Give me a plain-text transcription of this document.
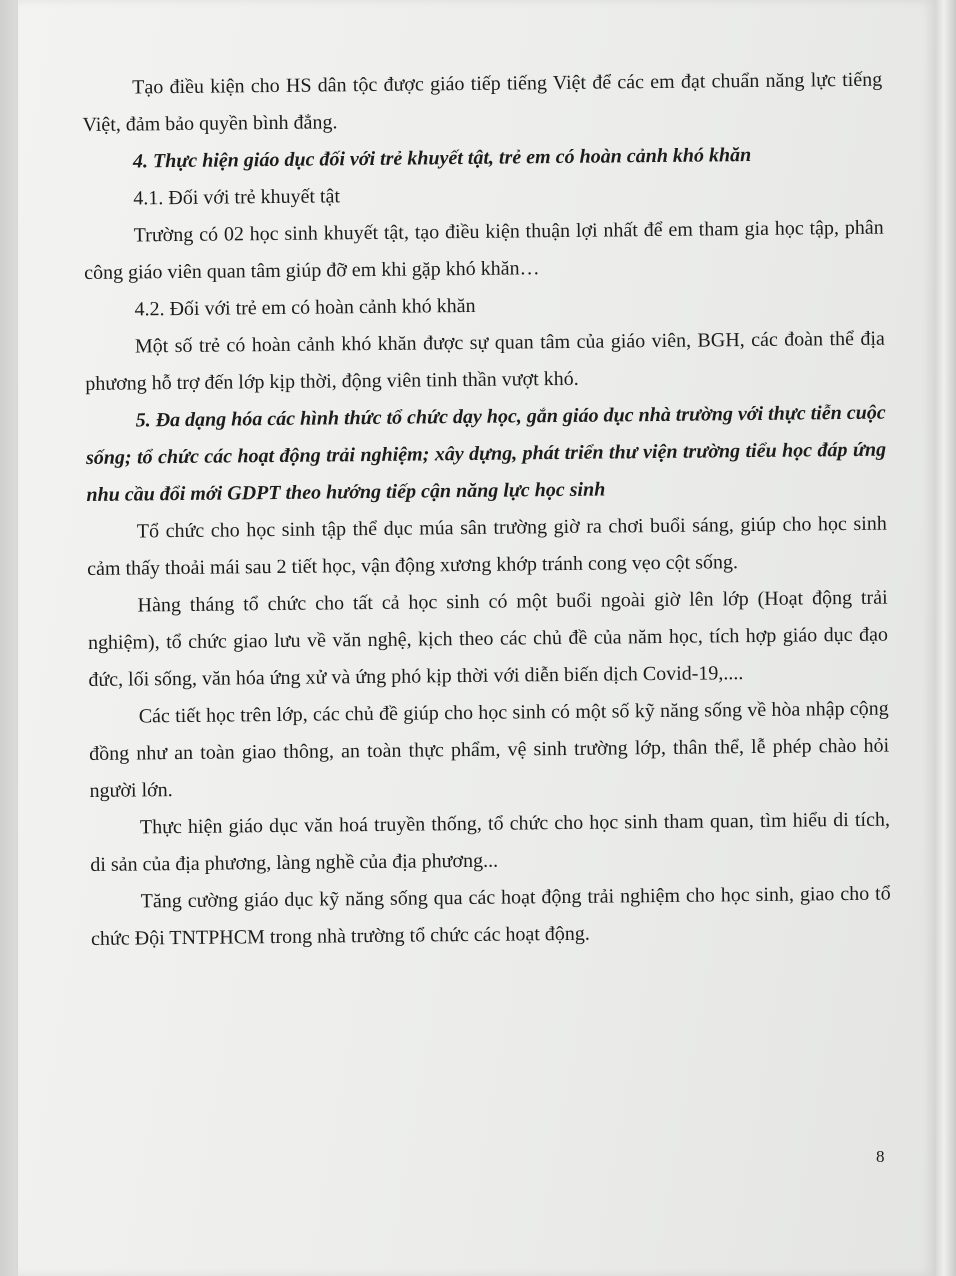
Tạo điều kiện cho HS dân tộc được giáo tiếp tiếng Việt để các em đạt chuẩn năng lực tiếng Việt, đảm bảo quyền bình đẳng.

4. Thực hiện giáo dục đối với trẻ khuyết tật, trẻ em có hoàn cảnh khó khăn

4.1. Đối với trẻ khuyết tật

Trường có 02 học sinh khuyết tật, tạo điều kiện thuận lợi nhất để em tham gia học tập, phân công giáo viên quan tâm giúp đỡ em khi gặp khó khăn…

4.2. Đối với trẻ em có hoàn cảnh khó khăn

Một số trẻ có hoàn cảnh khó khăn được sự quan tâm của giáo viên, BGH, các đoàn thể địa phương hỗ trợ đến lớp kịp thời, động viên tinh thần vượt khó.

5. Đa dạng hóa các hình thức tổ chức dạy học, gắn giáo dục nhà trường với thực tiễn cuộc sống; tổ chức các hoạt động trải nghiệm; xây dựng, phát triển thư viện trường tiểu học đáp ứng nhu cầu đổi mới GDPT theo hướng tiếp cận năng lực học sinh

Tổ chức cho học sinh tập thể dục múa sân trường giờ ra chơi buổi sáng, giúp cho học sinh cảm thấy thoải mái sau 2 tiết học, vận động xương khớp tránh cong vẹo cột sống.

Hàng tháng tổ chức cho tất cả học sinh có một buổi ngoài giờ lên lớp (Hoạt động trải nghiệm), tổ chức giao lưu về văn nghệ, kịch theo các chủ đề của năm học, tích hợp giáo dục đạo đức, lối sống, văn hóa ứng xử và ứng phó kịp thời với diễn biến dịch Covid-19,....

Các tiết học trên lớp, các chủ đề giúp cho học sinh có một số kỹ năng sống về hòa nhập cộng đồng như an toàn giao thông, an toàn thực phẩm, vệ sinh trường lớp, thân thể, lễ phép chào hỏi người lớn.

Thực hiện giáo dục văn hoá truyền thống, tổ chức cho học sinh tham quan, tìm hiểu di tích, di sản của địa phương, làng nghề của địa phương...

Tăng cường giáo dục kỹ năng sống qua các hoạt động trải nghiệm cho học sinh, giao cho tổ chức Đội TNTPHCM trong nhà trường tổ chức các hoạt động.

8
